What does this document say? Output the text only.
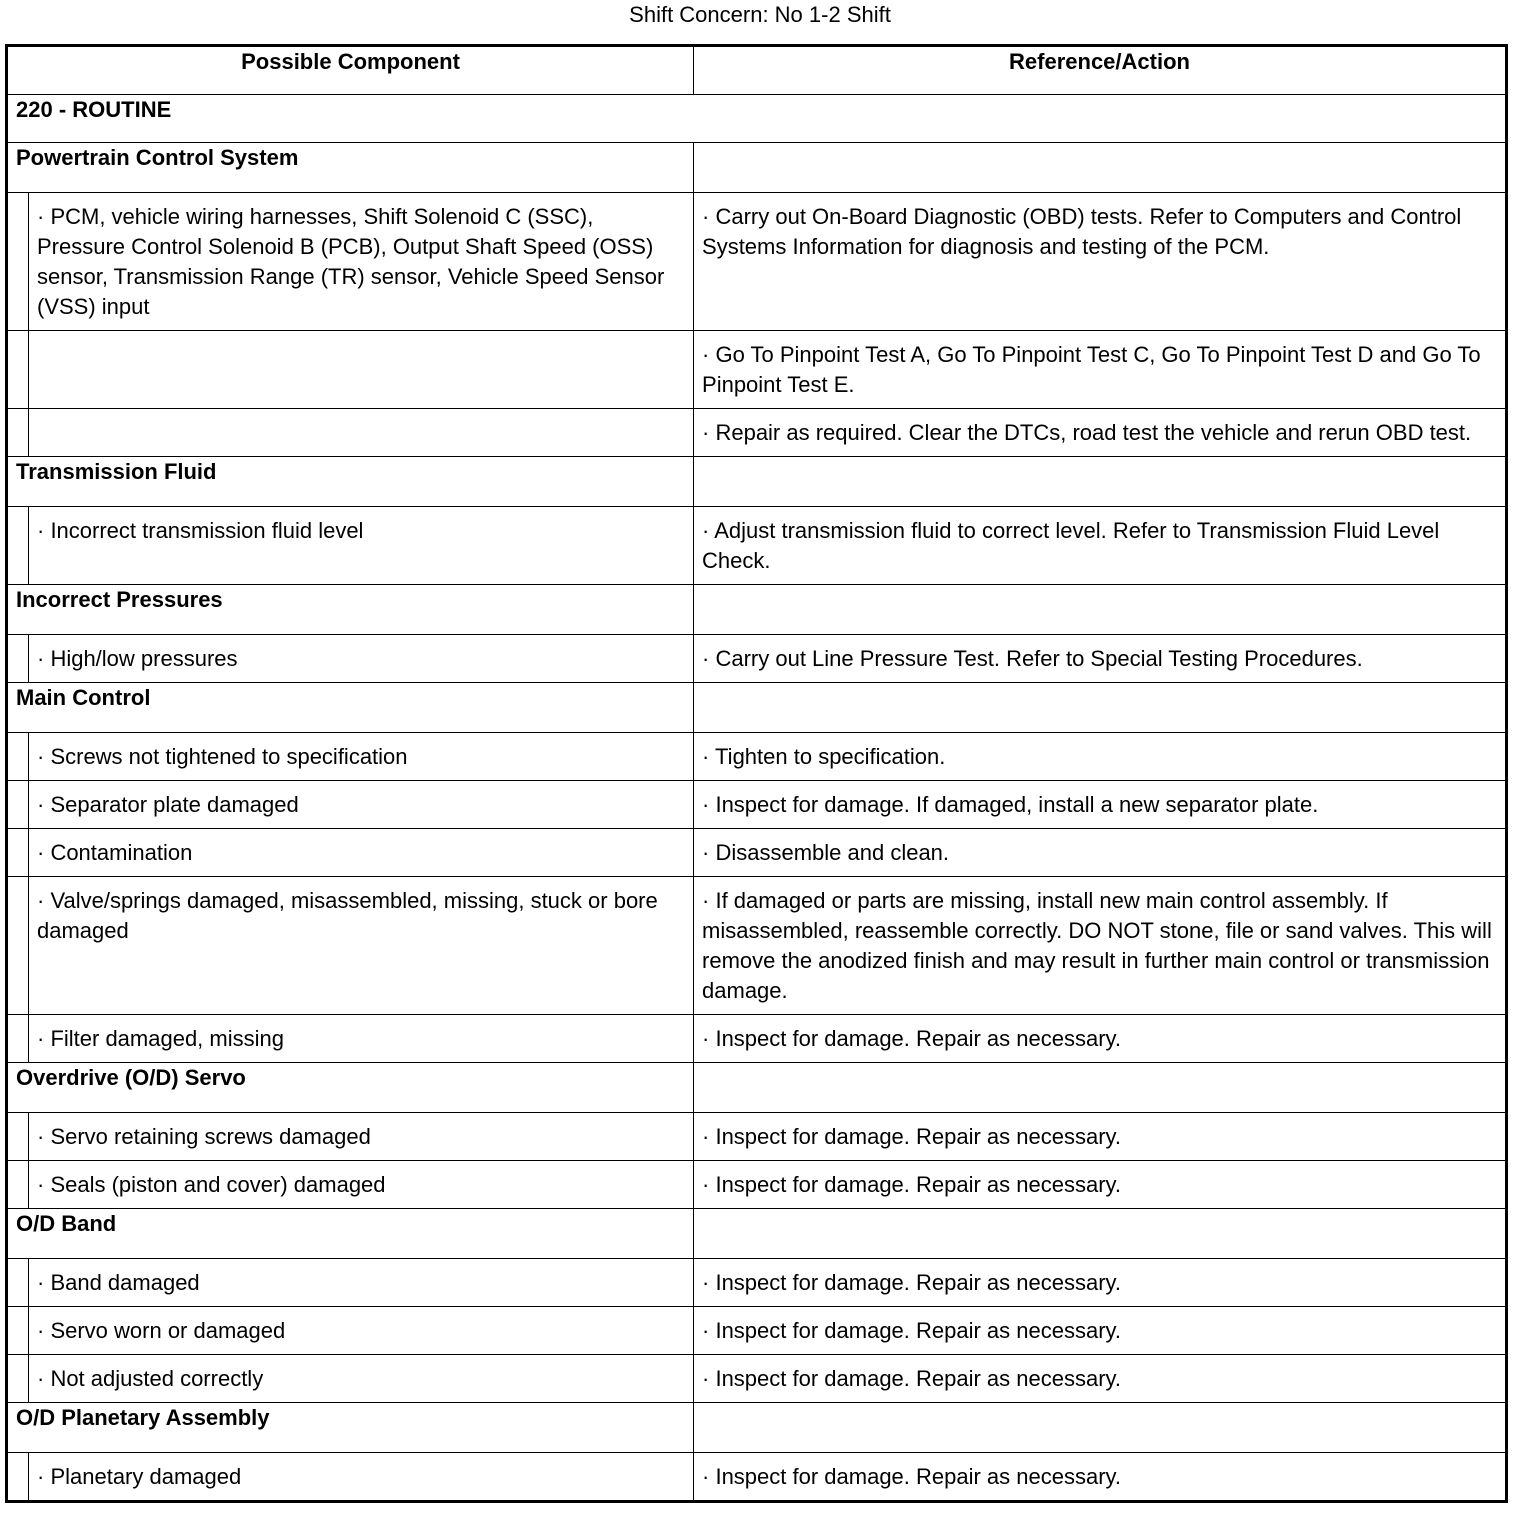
Shift Concern: No 1-2 Shift
Possible Component		Reference/Action
220 - ROUTINE		
Powertrain Control System		
	· PCM, vehicle wiring harnesses, Shift Solenoid C (SSC), Pressure Control Solenoid B (PCB), Output Shaft Speed (OSS) sensor, Transmission Range (TR) sensor, Vehicle Speed Sensor (VSS) input	· Carry out On-Board Diagnostic (OBD) tests. Refer to Computers and Control Systems Information for diagnosis and testing of the PCM.
		· Go To Pinpoint Test A, Go To Pinpoint Test C, Go To Pinpoint Test D and Go To Pinpoint Test E.
		· Repair as required. Clear the DTCs, road test the vehicle and rerun OBD test.
Transmission Fluid		
	· Incorrect transmission fluid level	· Adjust transmission fluid to correct level. Refer to Transmission Fluid Level Check.
Incorrect Pressures		
	· High/low pressures	· Carry out Line Pressure Test. Refer to Special Testing Procedures.
Main Control		
	· Screws not tightened to specification	· Tighten to specification.
	· Separator plate damaged	· Inspect for damage. If damaged, install a new separator plate.
	· Contamination	· Disassemble and clean.
	· Valve/springs damaged, misassembled, missing, stuck or bore damaged	· If damaged or parts are missing, install new main control assembly. If misassembled, reassemble correctly. DO NOT stone, file or sand valves. This will remove the anodized finish and may result in further main control or transmission damage.
	· Filter damaged, missing	· Inspect for damage. Repair as necessary.
Overdrive (O/D) Servo		
	· Servo retaining screws damaged	· Inspect for damage. Repair as necessary.
	· Seals (piston and cover) damaged	· Inspect for damage. Repair as necessary.
O/D Band		
	· Band damaged	· Inspect for damage. Repair as necessary.
	· Servo worn or damaged	· Inspect for damage. Repair as necessary.
	· Not adjusted correctly	· Inspect for damage. Repair as necessary.
O/D Planetary Assembly		
	· Planetary damaged	· Inspect for damage. Repair as necessary.
